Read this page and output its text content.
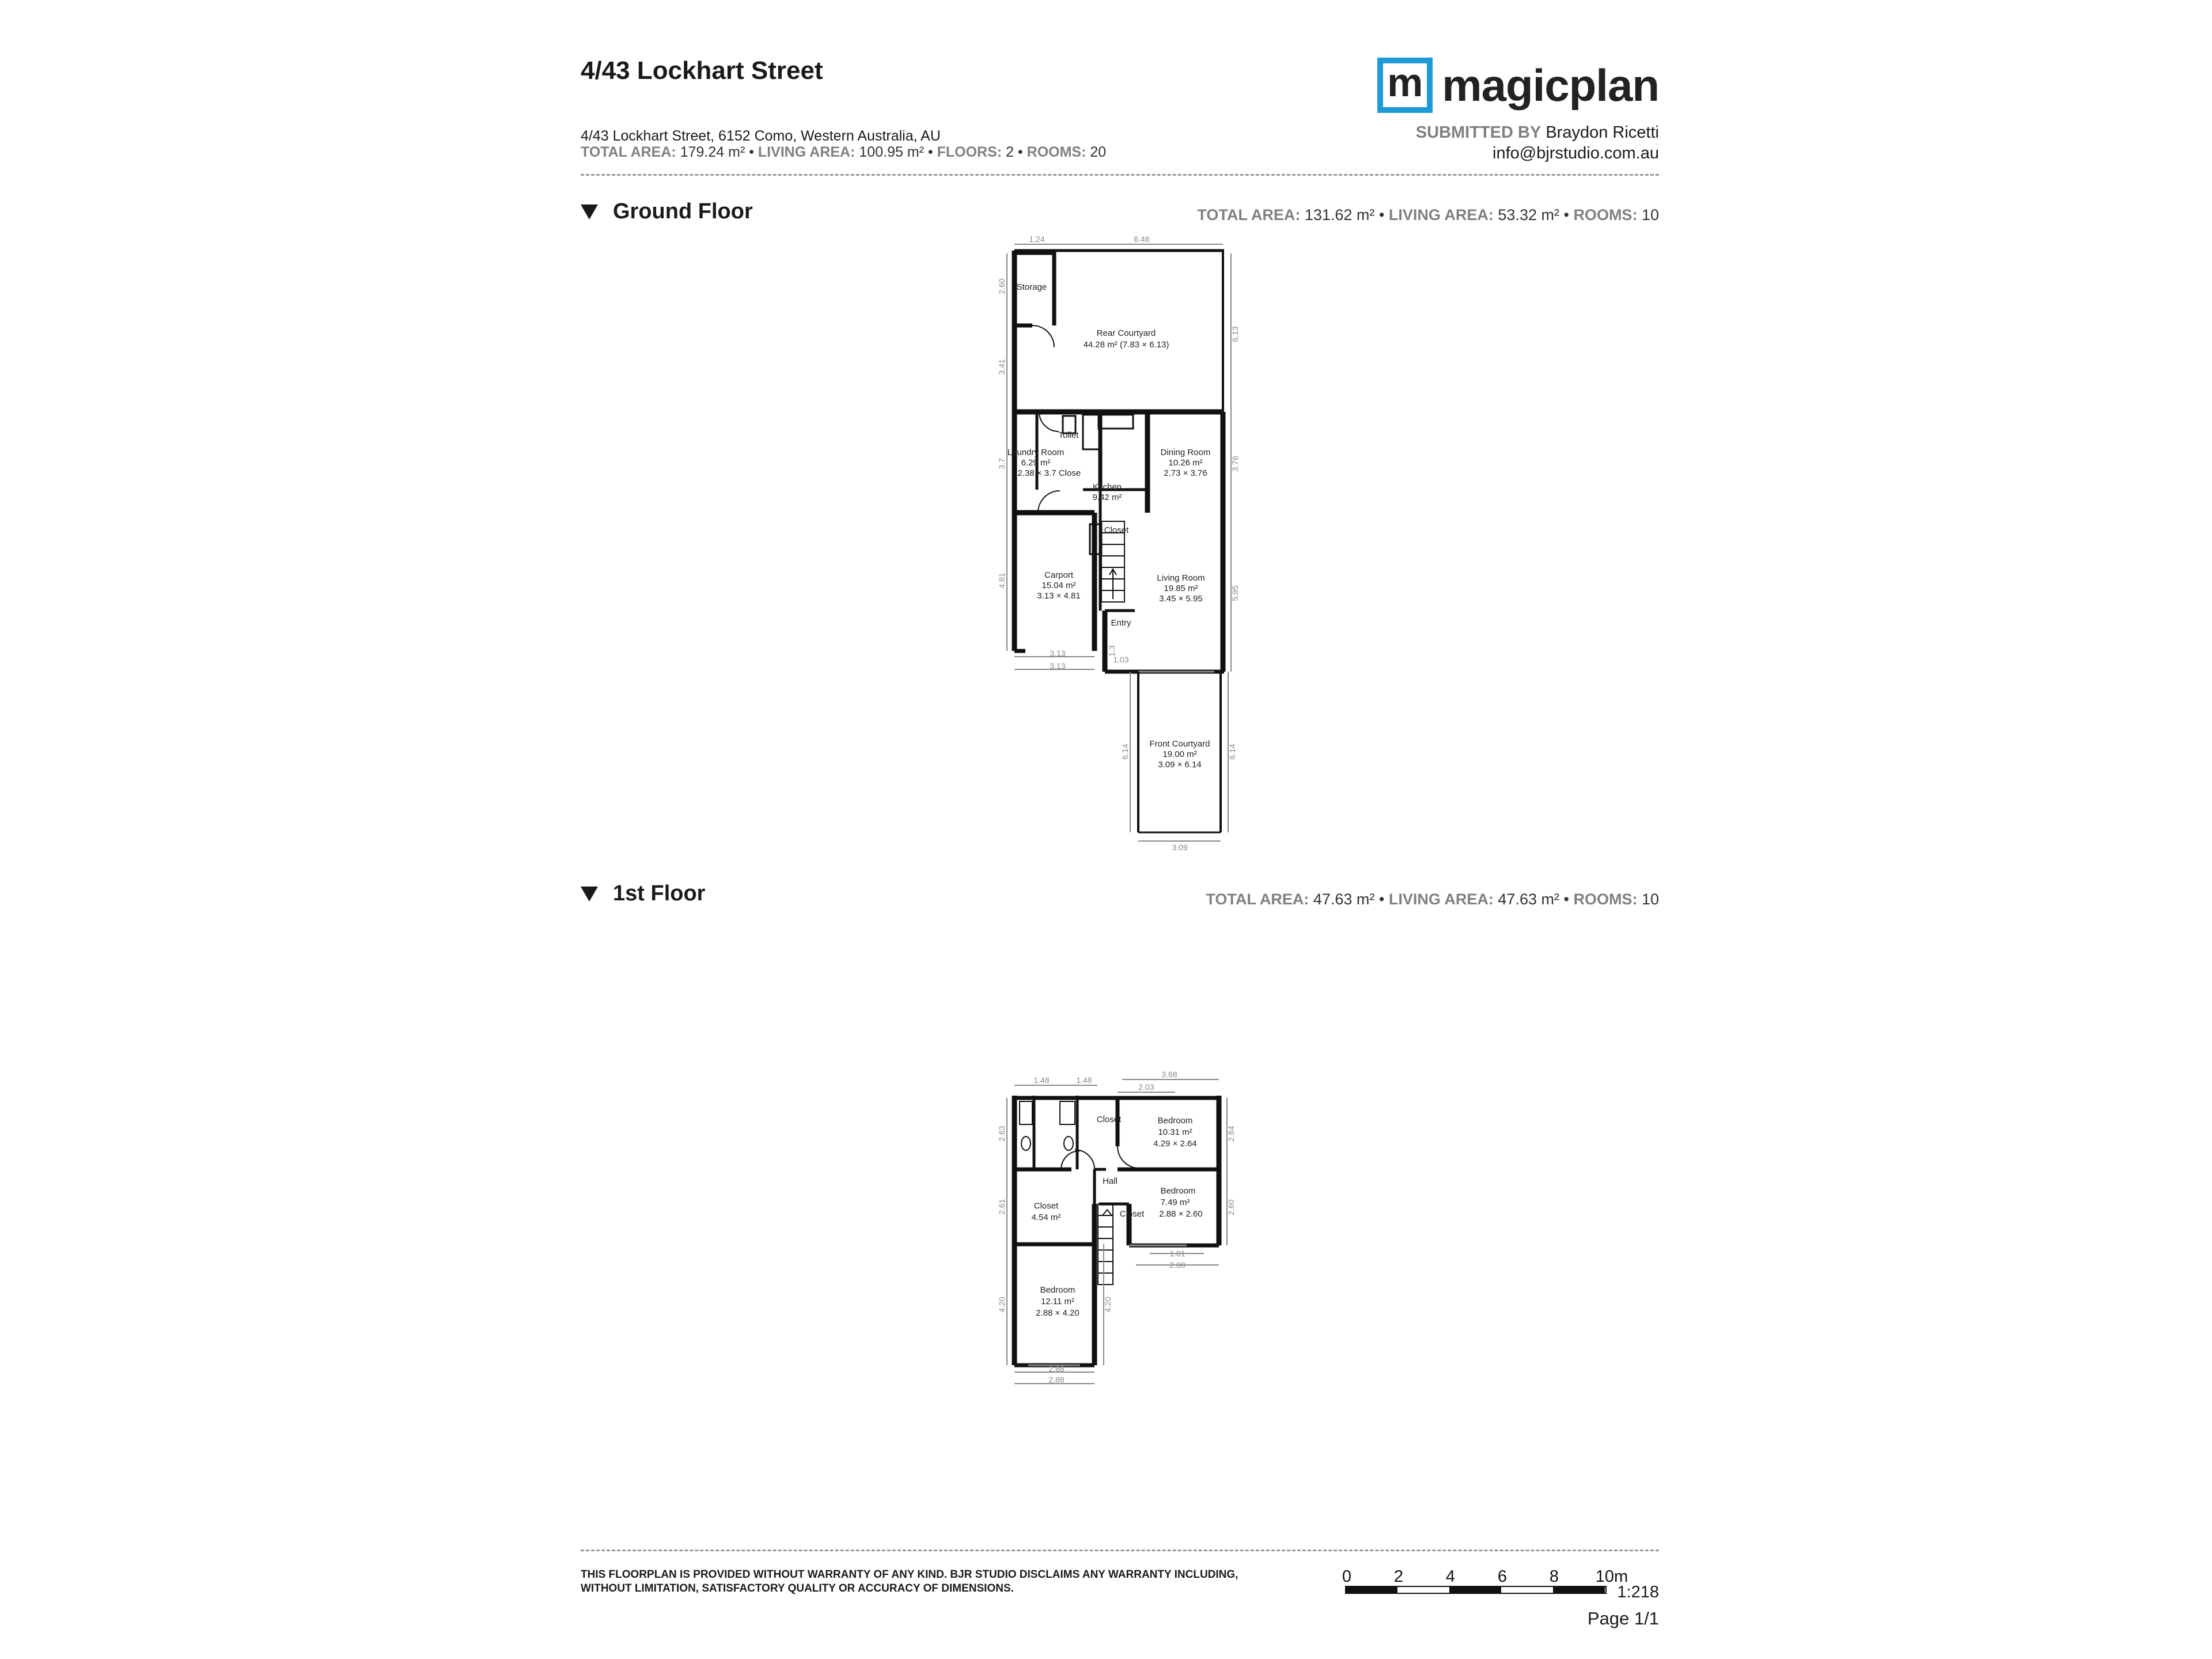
4/43 Lockhart Street
4/43 Lockhart Street, 6152 Como, Western Australia, AU
TOTAL AREA: 179.24 m² • LIVING AREA: 100.95 m² • FLOORS: 2 • ROOMS: 20
m magicplan
SUBMITTED BY Braydon Ricetti
info@bjrstudio.com.au
Ground Floor	TOTAL AREA: 131.62 m² • LIVING AREA: 53.32 m² • ROOMS: 10
1st Floor	TOTAL AREA: 47.63 m² • LIVING AREA: 47.63 m² • ROOMS: 10
Storage
Rear Courtyard
44.28 m² (7.83 × 6.13)
Toilet
Laundry Room
6.29 m²
2.38 × 3.7 Close
Kitchen
9.42 m²
Dining Room
10.26 m²
2.73 × 3.76
Closet
Carport
15.04 m²
3.13 × 4.81
Living Room
19.85 m²
3.45 × 5.95
Entry
Front Courtyard
19.00 m²
3.09 × 6.14
1.24	6.46
2.60
6.13
3.41
3.7	3.76
4.81
5.95
3.13
3.13
1.3
1.03
6.14	6.14
3.09
Closet	Bedroom
10.31 m²
4.29 × 2.64
Hall
Bedroom
7.49 m²
2.88 × 2.60
Closet
Closet
4.54 m²
Bedroom
12.11 m²
2.88 × 4.20
1.48	1.48
3.68
2.03
2.63	2.64
2.61	2.60
1.81
2.88
4.20	4.20
2.88
2.88
THIS FLOORPLAN IS PROVIDED WITHOUT WARRANTY OF ANY KIND. BJR STUDIO DISCLAIMS ANY WARRANTY INCLUDING,
WITHOUT LIMITATION, SATISFACTORY QUALITY OR ACCURACY OF DIMENSIONS.
0	2	4	6	8 10m
1:218
Page 1/1
